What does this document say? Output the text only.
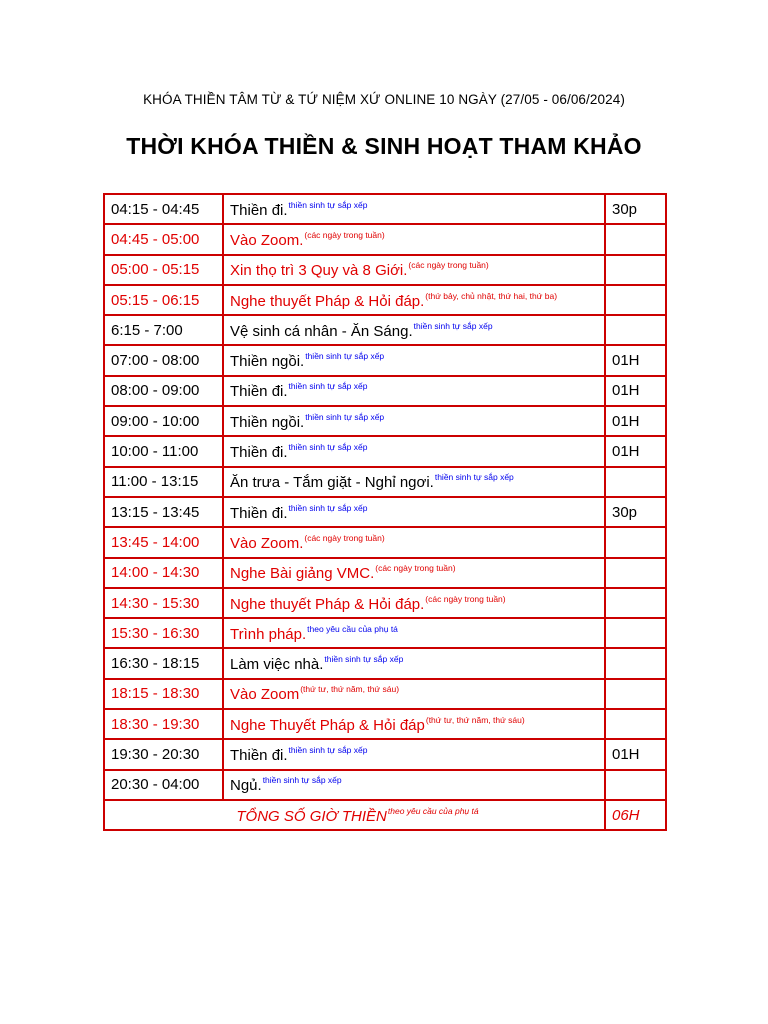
KHÓA THIỀN TÂM TỪ & TỨ NIỆM XỨ ONLINE 10 NGÀY (27/05 - 06/06/2024)
THỜI KHÓA THIỀN & SINH HOẠT THAM KHẢO
04:15 - 04:45	Thiền đi.$^{thiền sinh tự sắp xếp}$	30p
04:45 - 05:00	Vào Zoom.$^{(các ngày trong tuần)}$	
05:00 - 05:15	Xin thọ trì 3 Quy và 8 Giới.$^{(các ngày trong tuần)}$	
05:15 - 06:15	Nghe thuyết Pháp & Hỏi đáp.$^{(thứ bảy, chủ nhật, thứ hai, thứ ba)}$	
6:15 - 7:00	Vệ sinh cá nhân - Ăn Sáng.$^{thiền sinh tự sắp xếp}$	
07:00 - 08:00	Thiền ngồi.$^{thiền sinh tự sắp xếp}$	01H
08:00 - 09:00	Thiền đi.$^{thiền sinh tự sắp xếp}$	01H
09:00 - 10:00	Thiền ngồi.$^{thiền sinh tự sắp xếp}$	01H
10:00 - 11:00	Thiền đi.$^{thiền sinh tự sắp xếp}$	01H
11:00 - 13:15	Ăn trưa - Tắm giặt - Nghỉ ngơi.$^{thiền sinh tự sắp xếp}$	
13:15 - 13:45	Thiền đi.$^{thiền sinh tự sắp xếp}$	30p
13:45 - 14:00	Vào Zoom.$^{(các ngày trong tuần)}$	
14:00 - 14:30	Nghe Bài giảng VMC.$^{(các ngày trong tuần)}$	
14:30 - 15:30	Nghe thuyết Pháp & Hỏi đáp.$^{(các ngày trong tuần)}$	
15:30 - 16:30	Trình pháp.$^{theo yêu cầu của phụ tá}$	
16:30 - 18:15	Làm việc nhà.$^{thiền sinh tự sắp xếp}$	
18:15 - 18:30	Vào Zoom$^{(thứ tư, thứ năm, thứ sáu)}$	
18:30 - 19:30	Nghe Thuyết Pháp & Hỏi đáp$^{(thứ tư, thứ năm, thứ sáu)}$	
19:30 - 20:30	Thiền đi.$^{thiền sinh tự sắp xếp}$	01H
20:30 - 04:00	Ngủ.$^{thiền sinh tự sắp xếp}$	
TỔNG SỐ GIỜ THIỀN$^{theo yêu cầu của phụ tá}$		06H
